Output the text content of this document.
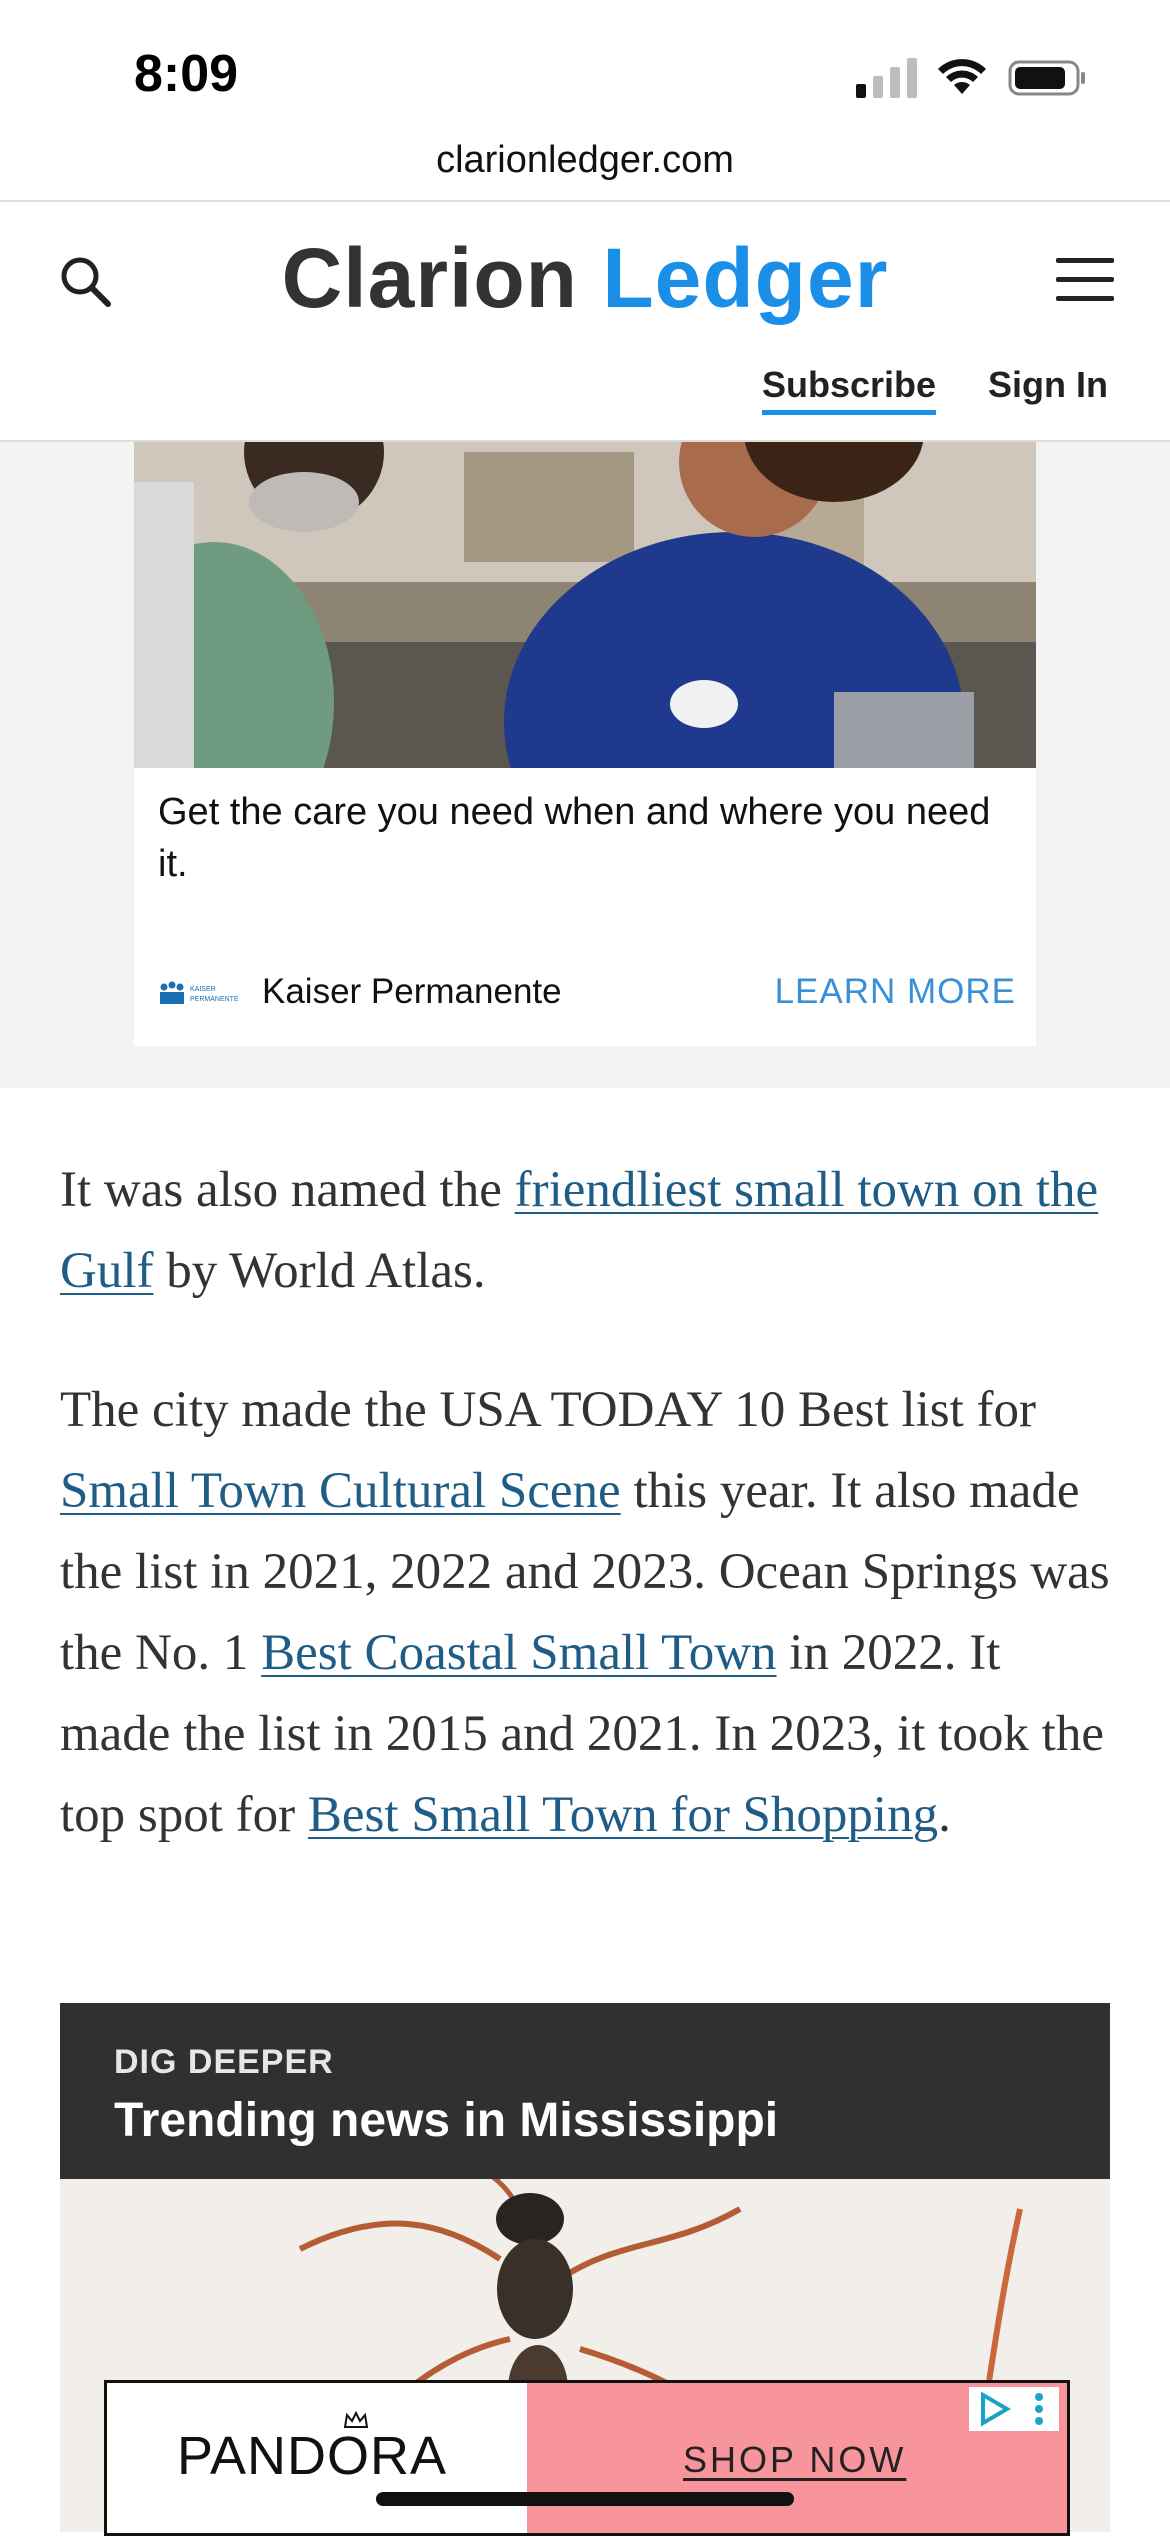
8:09
clarionledger.com
Clarion Ledger
Subscribe Sign In
Get the care you need when and where you need it.
KAISER
PERMANENTE Kaiser Permanente	LEARN MORE

It was also named the friendliest small town on the Gulf by World Atlas.

The city made the USA TODAY 10 Best list for Small Town Cultural Scene this year. It also made the list in 2021, 2022 and 2023. Ocean Springs was the No. 1 Best Coastal Small Town in 2022. It made the list in 2015 and 2021. In 2023, it took the top spot for Best Small Town for Shopping.

DIG DEEPER
Trending news in Mississippi
PANDORA	SHOP NOW
